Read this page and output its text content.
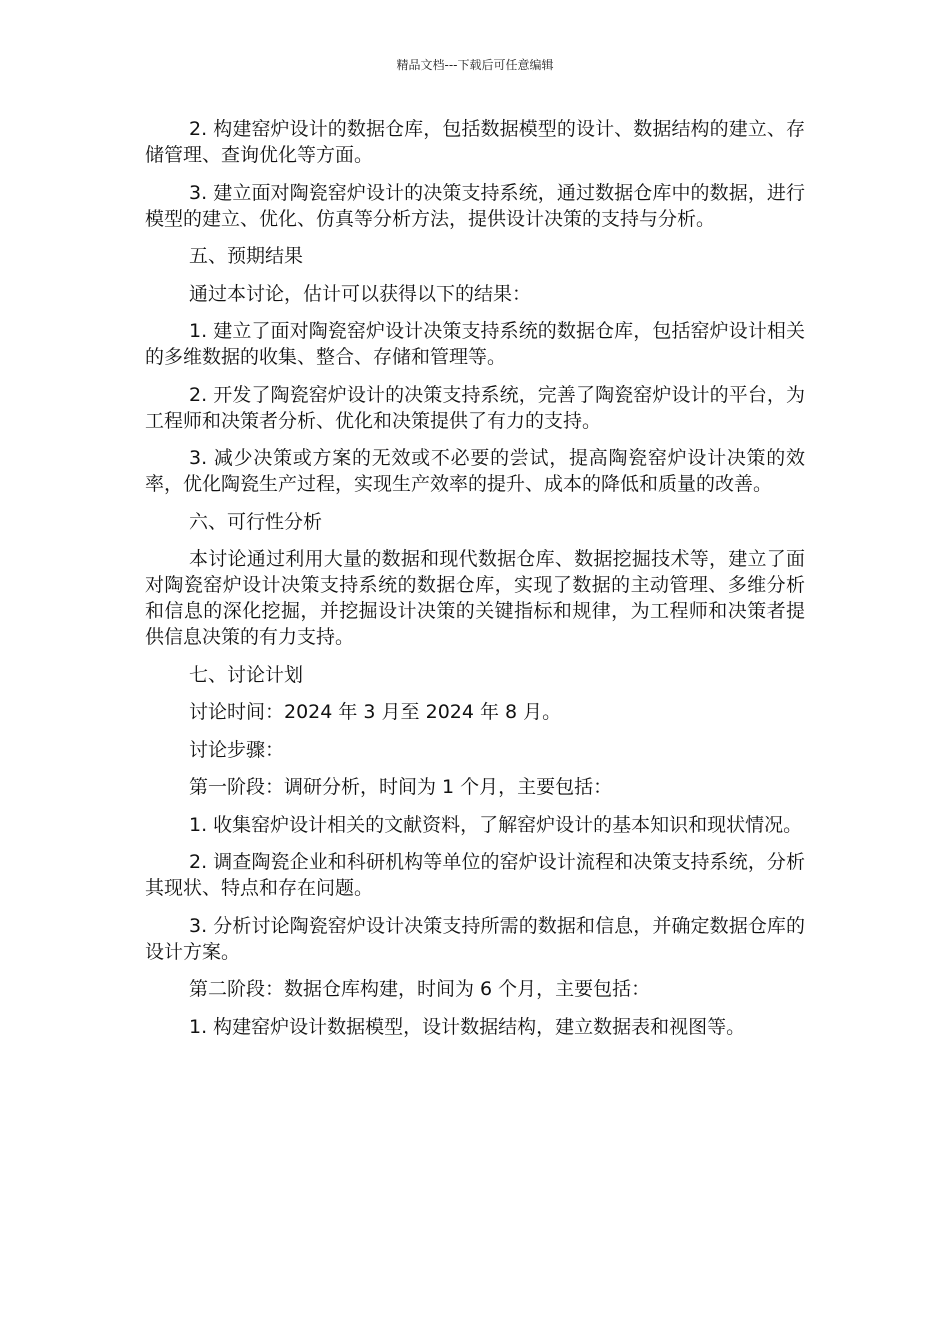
精品文档---下载后可任意编辑

2. 构建窑炉设计的数据仓库，包括数据模型的设计、数据结构的建立、存储管理、查询优化等方面。

3. 建立面对陶瓷窑炉设计的决策支持系统，通过数据仓库中的数据，进行模型的建立、优化、仿真等分析方法，提供设计决策的支持与分析。

五、预期结果

通过本讨论，估计可以获得以下的结果：

1. 建立了面对陶瓷窑炉设计决策支持系统的数据仓库，包括窑炉设计相关的多维数据的收集、整合、存储和管理等。

2. 开发了陶瓷窑炉设计的决策支持系统，完善了陶瓷窑炉设计的平台，为工程师和决策者分析、优化和决策提供了有力的支持。

3. 减少决策或方案的无效或不必要的尝试，提高陶瓷窑炉设计决策的效率，优化陶瓷生产过程，实现生产效率的提升、成本的降低和质量的改善。

六、可行性分析

本讨论通过利用大量的数据和现代数据仓库、数据挖掘技术等，建立了面对陶瓷窑炉设计决策支持系统的数据仓库，实现了数据的主动管理、多维分析和信息的深化挖掘，并挖掘设计决策的关键指标和规律，为工程师和决策者提供信息决策的有力支持。

七、讨论计划

讨论时间：2024 年 3 月至 2024 年 8 月。

讨论步骤：

第一阶段：调研分析，时间为 1 个月，主要包括：

1. 收集窑炉设计相关的文献资料，了解窑炉设计的基本知识和现状情况。

2. 调查陶瓷企业和科研机构等单位的窑炉设计流程和决策支持系统，分析其现状、特点和存在问题。

3. 分析讨论陶瓷窑炉设计决策支持所需的数据和信息，并确定数据仓库的设计方案。

第二阶段：数据仓库构建，时间为 6 个月，主要包括：

1. 构建窑炉设计数据模型，设计数据结构，建立数据表和视图等。
